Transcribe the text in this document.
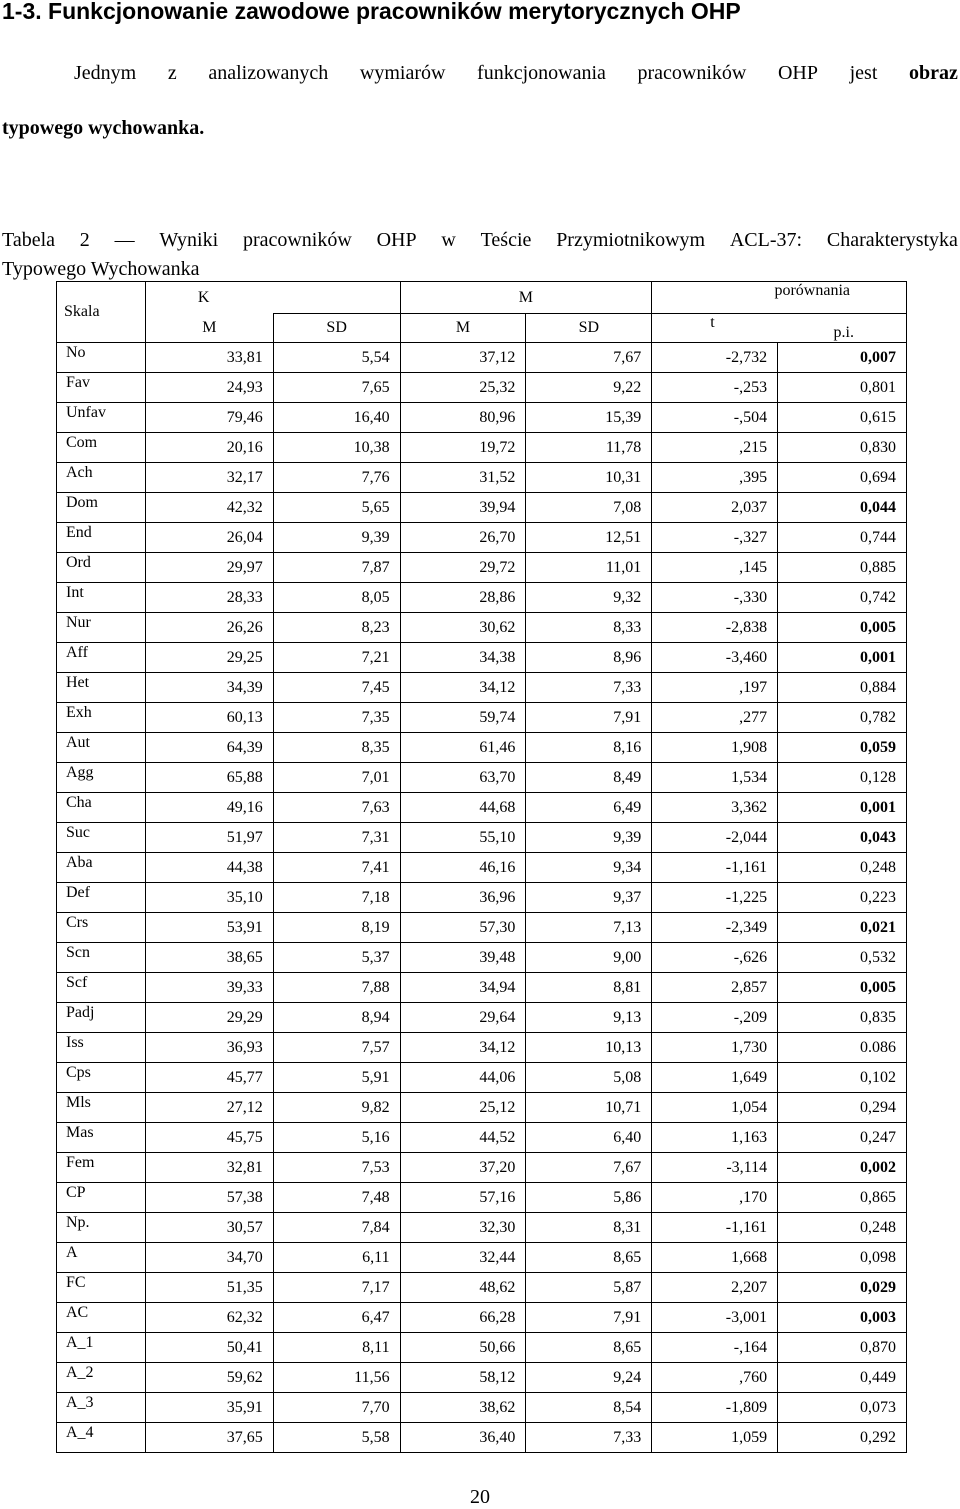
1-3. Funkcjonowanie zawodowe pracowników merytorycznych OHP
Jednym z analizowanych wymiarów funkcjonowania pracowników OHP jest obraz
typowego wychowanka.
Tabela 2 — Wyniki pracowników OHP w Teście Przymiotnikowym ACL-37: Charakterystyka
Typowego Wychowanka
Skala	K		M		porównania	
	M	SD	M	SD	t	p.i.
No	33,81	5,54	37,12	7,67	-2,732	0,007
Fav	24,93	7,65	25,32	9,22	-,253	0,801
Unfav	79,46	16,40	80,96	15,39	-,504	0,615
Com	20,16	10,38	19,72	11,78	,215	0,830
Ach	32,17	7,76	31,52	10,31	,395	0,694
Dom	42,32	5,65	39,94	7,08	2,037	0,044
End	26,04	9,39	26,70	12,51	-,327	0,744
Ord	29,97	7,87	29,72	11,01	,145	0,885
Int	28,33	8,05	28,86	9,32	-,330	0,742
Nur	26,26	8,23	30,62	8,33	-2,838	0,005
Aff	29,25	7,21	34,38	8,96	-3,460	0,001
Het	34,39	7,45	34,12	7,33	,197	0,884
Exh	60,13	7,35	59,74	7,91	,277	0,782
Aut	64,39	8,35	61,46	8,16	1,908	0,059
Agg	65,88	7,01	63,70	8,49	1,534	0,128
Cha	49,16	7,63	44,68	6,49	3,362	0,001
Suc	51,97	7,31	55,10	9,39	-2,044	0,043
Aba	44,38	7,41	46,16	9,34	-1,161	0,248
Def	35,10	7,18	36,96	9,37	-1,225	0,223
Crs	53,91	8,19	57,30	7,13	-2,349	0,021
Scn	38,65	5,37	39,48	9,00	-,626	0,532
Scf	39,33	7,88	34,94	8,81	2,857	0,005
Padj	29,29	8,94	29,64	9,13	-,209	0,835
Iss	36,93	7,57	34,12	10,13	1,730	0.086
Cps	45,77	5,91	44,06	5,08	1,649	0,102
Mls	27,12	9,82	25,12	10,71	1,054	0,294
Mas	45,75	5,16	44,52	6,40	1,163	0,247
Fem	32,81	7,53	37,20	7,67	-3,114	0,002
CP	57,38	7,48	57,16	5,86	,170	0,865
Np.	30,57	7,84	32,30	8,31	-1,161	0,248
A	34,70	6,11	32,44	8,65	1,668	0,098
FC	51,35	7,17	48,62	5,87	2,207	0,029
AC	62,32	6,47	66,28	7,91	-3,001	0,003
A_1	50,41	8,11	50,66	8,65	-,164	0,870
A_2	59,62	11,56	58,12	9,24	,760	0,449
A_3	35,91	7,70	38,62	8,54	-1,809	0,073
A_4	37,65	5,58	36,40	7,33	1,059	0,292
20
